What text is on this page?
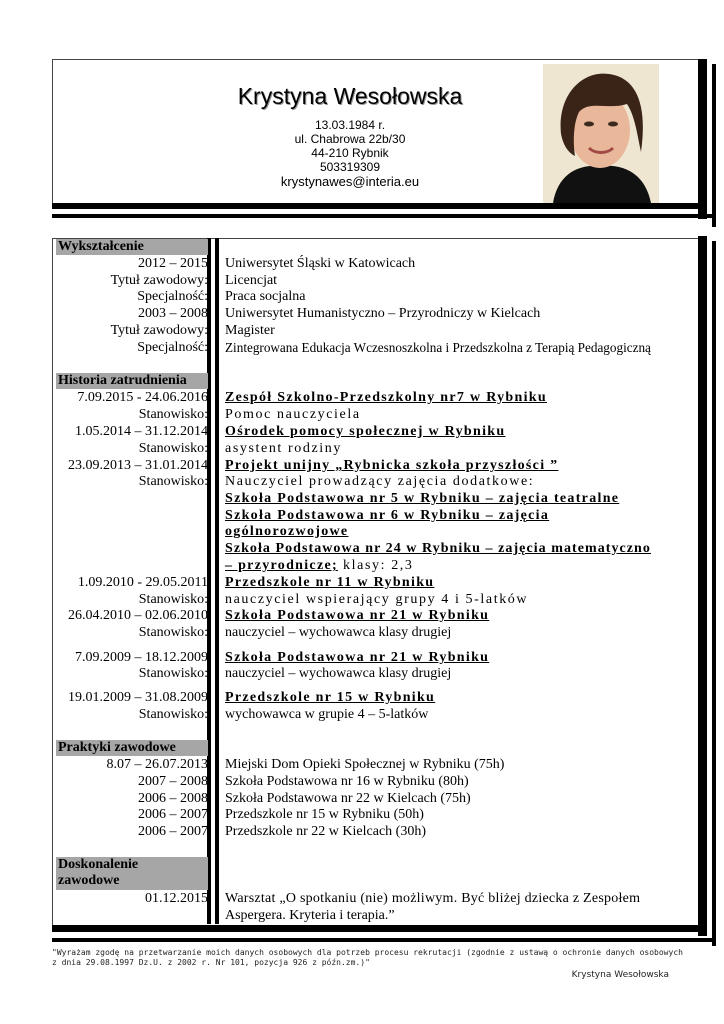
Krystyna Wesołowska
13.03.1984 r.
ul. Chabrowa 22b/30
44-210 Rybnik
503319309
krystynawes@interia.eu
Wykształcenie
2012 – 2015 Uniwersytet Śląski w Katowicach
Tytuł zawodowy: Licencjat
Specjalność: Praca socjalna
2003 – 2008 Uniwersytet Humanistyczno – Przyrodniczy w Kielcach
Tytuł zawodowy: Magister
Specjalność: Zintegrowana Edukacja Wczesnoszkolna i Przedszkolna z Terapią Pedagogiczną
Historia zatrudnienia
7.09.2015 - 24.06.2016 Zespół Szkolno-Przedszkolny nr7 w Rybniku
Stanowisko: Pomoc nauczyciela
1.05.2014 – 31.12.2014 Ośrodek pomocy społecznej w Rybniku
Stanowisko: asystent rodziny
23.09.2013 – 31.01.2014 Projekt unijny „Rybnicka szkoła przyszłości ”
Stanowisko: Nauczyciel prowadzący zajęcia dodatkowe:
Szkoła Podstawowa nr 5 w Rybniku – zajęcia teatralne
Szkoła Podstawowa nr 6 w Rybniku – zajęcia
ogólnorozwojowe
Szkoła Podstawowa nr 24 w Rybniku – zajęcia matematyczno
– przyrodnicze; klasy: 2,3
1.09.2010 - 29.05.2011 Przedszkole nr 11 w Rybniku
Stanowisko: nauczyciel wspierający grupy 4 i 5-latków
26.04.2010 – 02.06.2010 Szkoła Podstawowa nr 21 w Rybniku
Stanowisko: nauczyciel – wychowawca klasy drugiej
7.09.2009 – 18.12.2009 Szkoła Podstawowa nr 21 w Rybniku
Stanowisko: nauczyciel – wychowawca klasy drugiej
19.01.2009 – 31.08.2009 Przedszkole nr 15 w Rybniku
Stanowisko: wychowawca w grupie 4 – 5-latków
Praktyki zawodowe
8.07 – 26.07.2013 Miejski Dom Opieki Społecznej w Rybniku (75h)
2007 – 2008 Szkoła Podstawowa nr 16 w Rybniku (80h)
2006 – 2008 Szkoła Podstawowa nr 22 w Kielcach (75h)
2006 – 2007 Przedszkole nr 15 w Rybniku (50h)
2006 – 2007 Przedszkole nr 22 w Kielcach (30h)
Doskonalenie
zawodowe
01.12.2015 Warsztat „O spotkaniu (nie) możliwym. Być bliżej dziecka z Zespołem
Aspergera. Kryteria i terapia.”
"Wyrażam zgodę na przetwarzanie moich danych osobowych dla potrzeb procesu rekrutacji (zgodnie z ustawą o ochronie danych osobowych
z dnia 29.08.1997 Dz.U. z 2002 r. Nr 101, pozycja 926 z późn.zm.)"
Krystyna Wesołowska
